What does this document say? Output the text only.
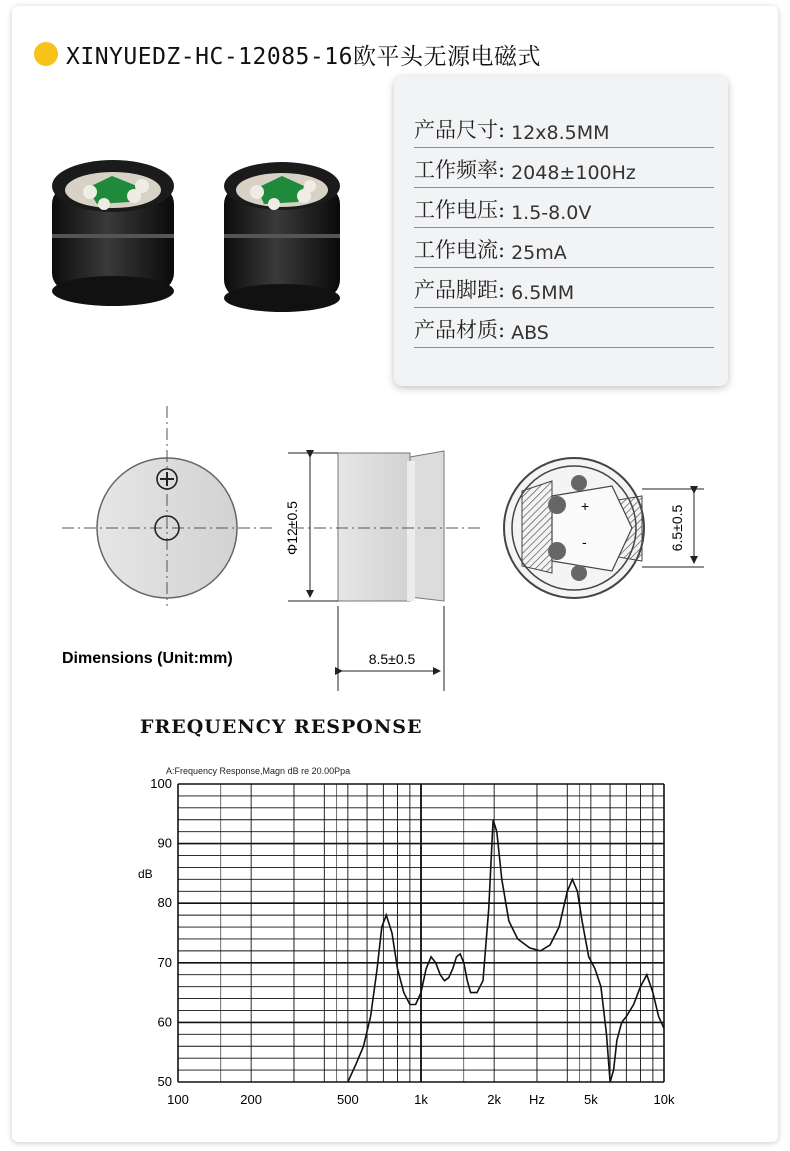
XINYUEDZ-HC-12085-16欧平头无源电磁式
产品尺寸: 12x8.5MM
工作频率: 2048±100Hz
工作电压: 1.5-8.0V
工作电流: 25mA
产品脚距: 6.5MM
产品材质: ABS
Φ12±0.5
8.5±0.5
+
-	6.5±0.5
Dimensions (Unit:mm)
FREQUENCY RESPONSE
A:Frequency Response,Magn dB re 20.00Ppa
dB
50
60
70
80
90
100
100	200	500	1k	2k Hz	5k	10k
